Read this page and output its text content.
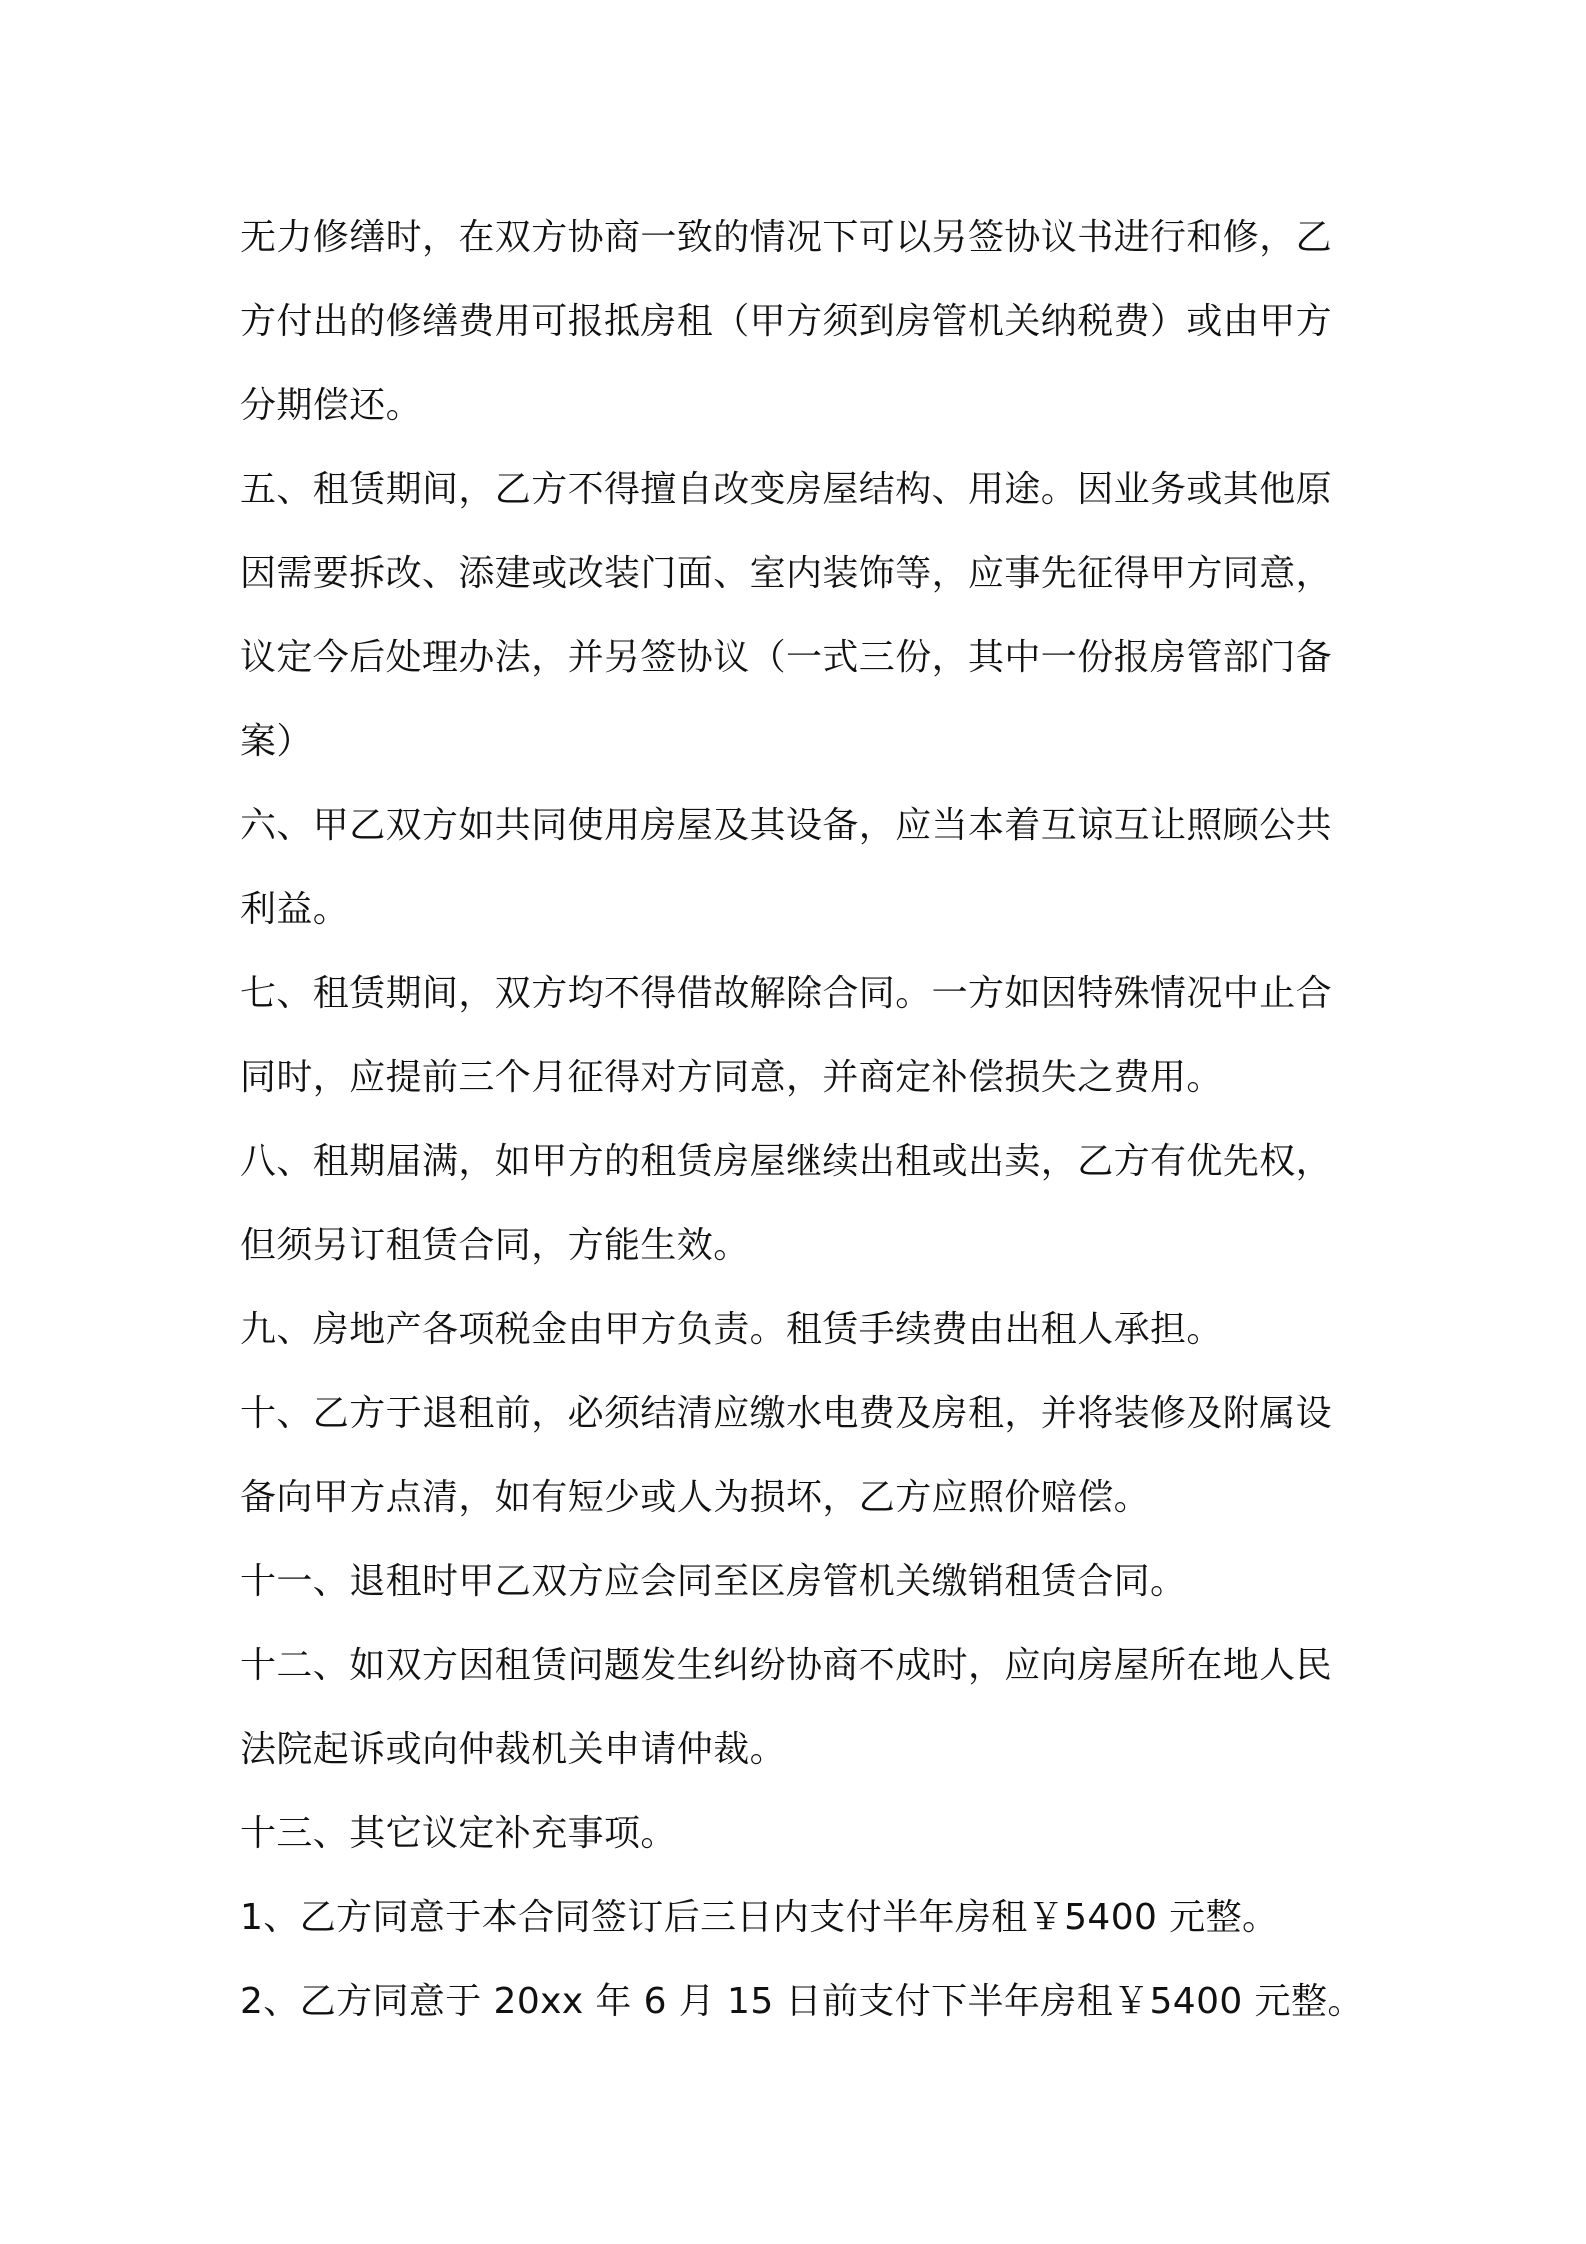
无力修缮时，在双方协商一致的情况下可以另签协议书进行和修，乙
方付出的修缮费用可报抵房租（甲方须到房管机关纳税费）或由甲方
分期偿还。
五、租赁期间，乙方不得擅自改变房屋结构、用途。因业务或其他原
因需要拆改、添建或改装门面、室内装饰等，应事先征得甲方同意，
议定今后处理办法，并另签协议（一式三份，其中一份报房管部门备
案）
六、甲乙双方如共同使用房屋及其设备，应当本着互谅互让照顾公共
利益。
七、租赁期间，双方均不得借故解除合同。一方如因特殊情况中止合
同时，应提前三个月征得对方同意，并商定补偿损失之费用。
八、租期届满，如甲方的租赁房屋继续出租或出卖，乙方有优先权，
但须另订租赁合同，方能生效。
九、房地产各项税金由甲方负责。租赁手续费由出租人承担。
十、乙方于退租前，必须结清应缴水电费及房租，并将装修及附属设
备向甲方点清，如有短少或人为损坏，乙方应照价赔偿。
十一、退租时甲乙双方应会同至区房管机关缴销租赁合同。
十二、如双方因租赁问题发生纠纷协商不成时，应向房屋所在地人民
法院起诉或向仲裁机关申请仲裁。
十三、其它议定补充事项。
1、乙方同意于本合同签订后三日内支付半年房租￥5400 元整。
2、乙方同意于 20xx 年 6 月 15 日前支付下半年房租￥5400 元整。
